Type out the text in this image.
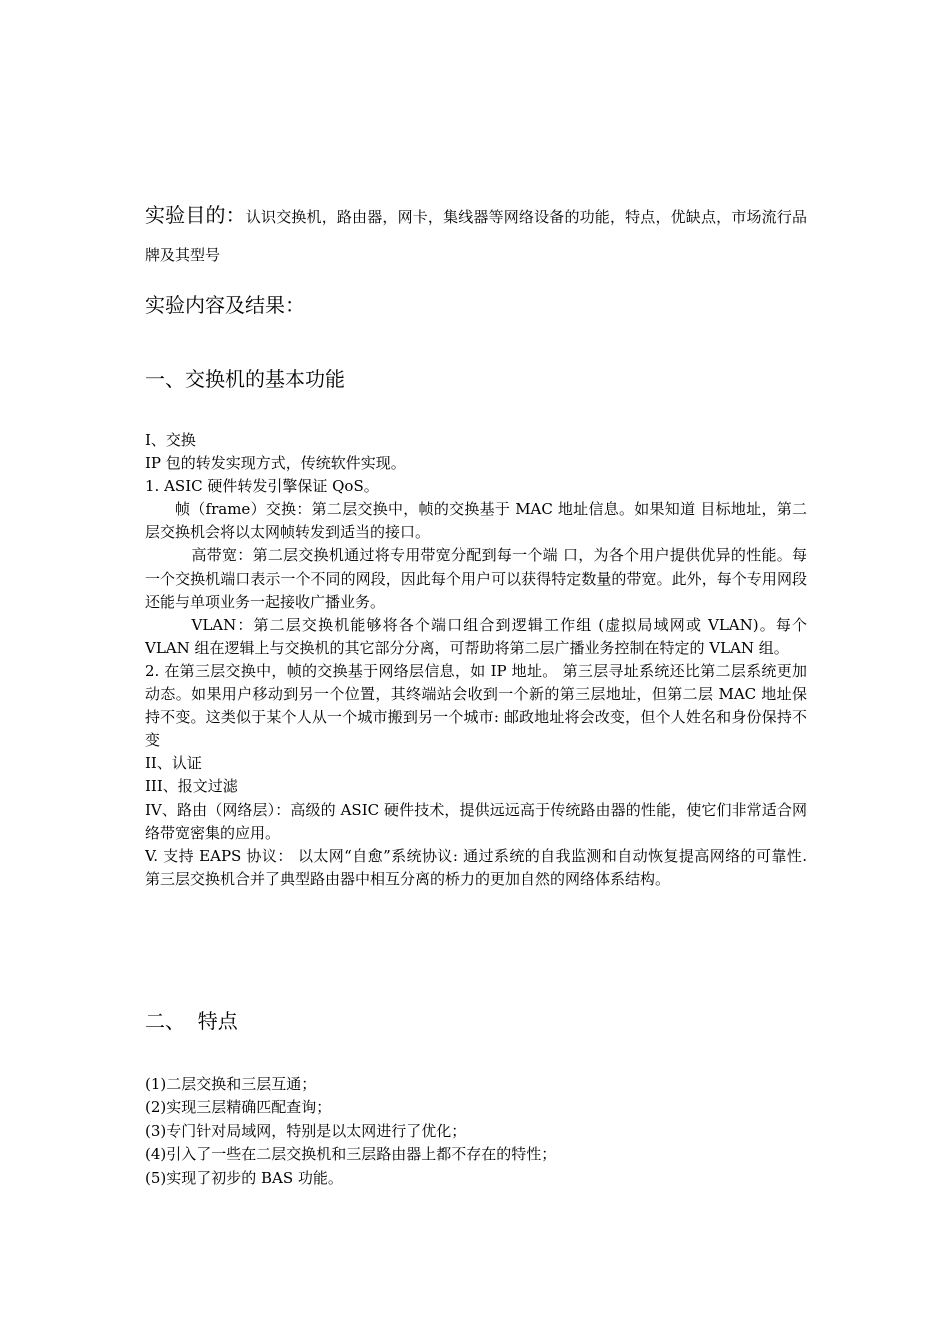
实验目的：认识交换机，路由器，网卡，集线器等网络设备的功能，特点，优缺点，市场流行品牌及其型号
实验内容及结果：
一、交换机的基本功能

I、交换

IP 包的转发实现方式，传统软件实现。

1. ASIC 硬件转发引擎保证 QoS。

帧（frame）交换：第二层交换中，帧的交换基于 MAC 地址信息。如果知道 目标地址，第二层交换机会将以太网帧转发到适当的接口。

高带宽：第二层交换机通过将专用带宽分配到每一个端 口，为各个用户提供优异的性能。每一个交换机端口表示一个不同的网段，因此每个用户可以获得特定数量的带宽。此外，每个专用网段还能与单项业务一起接收广播业务。

VLAN：第二层交换机能够将各个端口组合到逻辑工作组 (虚拟局域网或 VLAN)。每个 VLAN 组在逻辑上与交换机的其它部分分离，可帮助将第二层广播业务控制在特定的 VLAN 组。

2. 在第三层交换中，帧的交换基于网络层信息，如 IP 地址。 第三层寻址系统还比第二层系统更加动态。如果用户移动到另一个位置，其终端站会收到一个新的第三层地址，但第二层 MAC 地址保持不变。这类似于某个人从一个城市搬到另一个城市: 邮政地址将会改变，但个人姓名和身份保持不变

II、认证

III、报文过滤

IV、路由（网络层）：高级的 ASIC 硬件技术，提供远远高于传统路由器的性能，使它们非常适合网络带宽密集的应用。

V. 支持 EAPS 协议： 以太网“自愈”系统协议: 通过系统的自我监测和自动恢复提高网络的可靠性. 第三层交换机合并了典型路由器中相互分离的桥力的更加自然的网络体系结构。

二、  特点

(1)二层交换和三层互通；

(2)实现三层精确匹配查询；

(3)专门针对局域网，特别是以太网进行了优化；

(4)引入了一些在二层交换机和三层路由器上都不存在的特性；

(5)实现了初步的 BAS 功能。
